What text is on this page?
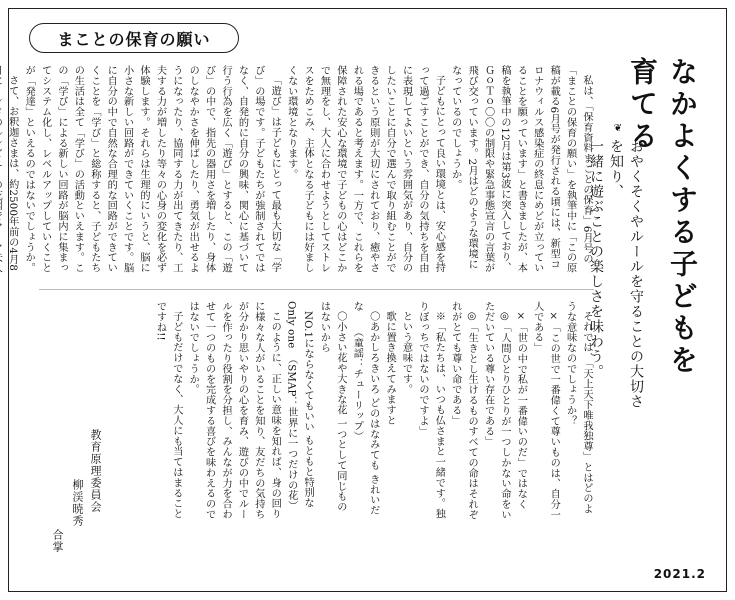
まことの保育の願い
なかよくする子どもを育てる
❦
おやくそくやルールを守ることの大切さを知り、
一緒に遊ぶことの楽しさを味わう。

私は、「保育資料まことの保育」6月号の「まことの保育の願い」を執筆中に「この原稿が載る6月号が発行される頃には、新型コロナウィルス感染症の終息にめどが立っていることを願っています」と書きましたが、本稿を執筆中の12月は第3波に突入しており、ＧｏＴｏ〇〇の制限や緊急事態宣言の言葉が飛び交っています。2月はどのような環境になっているのでしょうか。

子どもにとって良い環境とは、安心感を持って過ごすことができ、自分の気持ちを自由に表現してよいという雰囲気があり、自分のしたいことに自分で選んで取り組むことができるという原則が大切にされており、癒やされる場であると考えます。一方で、これらを保障された安心な環境で子どもの心はどこかで無理をし、大人に合わせようとしてストレスをためこみ、主体となる子どもには好ましくない環境となります。

「遊び」は子どもにとって最も大切な「学び」の場です。子どもたちが強制されてではなく、自発的に自分の興味、関心に基づいて行う行為を広く「遊び」とすると、この「遊び」の中で、指先の器用さを増したり、身体のしなやかさを伸ばしたり、勇気が出せるようになったり、協同する力が出てきたり、工夫する力が増したり等々の心身の変化を必ず体験します。それらは生理的にいうと、脳に小さな新しい回路ができていくことです。脳に自分の中で自然な合理的な回路ができていくことを「学び」と総称すると、子どもたちの生活は全て「学び」の活動といえます。この「学び」による新しい回路が脳内に集まってシステム化し、レベルアップしていくことが「発達」といえるのではないでしょうか。

さて、お釈迦さまは、約2500年前の4月8

それでは、「天上天下唯我独尊」とはどのような意味なのでしょうか？

×「この世で一番偉くて尊いものは、自分一人である」

×「世の中で私が一番偉いのだ」ではなく

◎「人間ひとりひとりが一つしかない命をいただいている尊い存在である」

◎「生きとし生けるものすべての命はそれぞれがとても尊い命である」

※「私たちは、いつも仏さまと一緒です。独りぼっちではないのですよ」

という意味です。

歌に置き換えてみますと

〇あかしろきいろ どのはなみても きれいだな　　（童謡：チューリップ）

〇小さい花や大きな花 一つとして同じものはないから

NO.1にならなくてもいい もともと特別なOnly one　（SMAP：世界に一つだけの花）

このように、正しい意味を知れば、身の回りに様々な人がいることを知り、友だちの気持ちが分かり思いやりの心を育み、遊びの中でルールを作ったり役割を分担し、みんなが力を合わせて一つのものを完成する喜びを味わえるのではないでしょうか。

子どもだけでなく、大人にも当てはまることですね!!

教育原理委員会
柳渓暁秀
合掌
2021.2
